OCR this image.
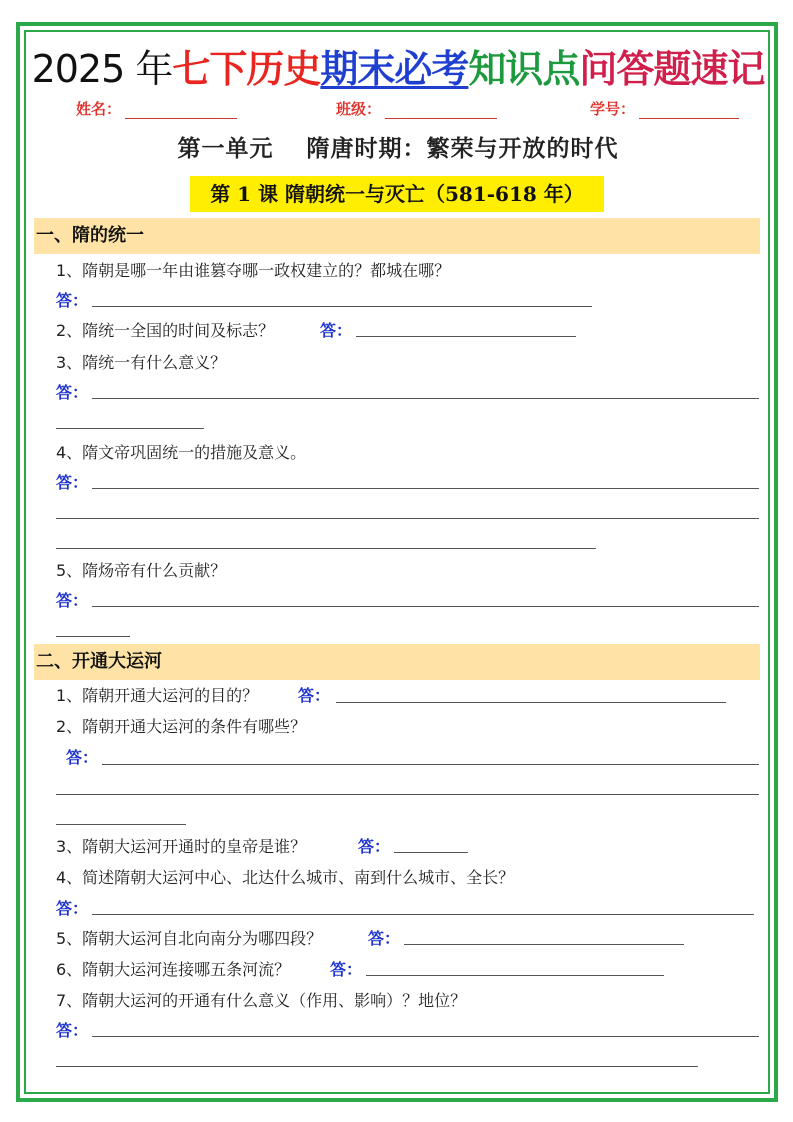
2025 年七下历史期末必考知识点问答题速记
姓名：	班级：	学号：
第一单元　 隋唐时期：繁荣与开放的时代
第 1 课 隋朝统一与灭亡（581-618 年）
一、隋的统一
1、隋朝是哪一年由谁篡夺哪一政权建立的？都城在哪？
答：
2、隋统一全国的时间及标志？	答：
3、隋统一有什么意义？
答：
4、隋文帝巩固统一的措施及意义。
答：
5、隋炀帝有什么贡献？
答：
二、开通大运河
1、隋朝开通大运河的目的？ 答：
2、隋朝开通大运河的条件有哪些？
答：
3、隋朝大运河开通时的皇帝是谁？	答：
4、简述隋朝大运河中心、北达什么城市、南到什么城市、全长？
答：
5、隋朝大运河自北向南分为哪四段？	答：
6、隋朝大运河连接哪五条河流？ 答：
7、隋朝大运河的开通有什么意义（作用、影响）？地位？
答：
